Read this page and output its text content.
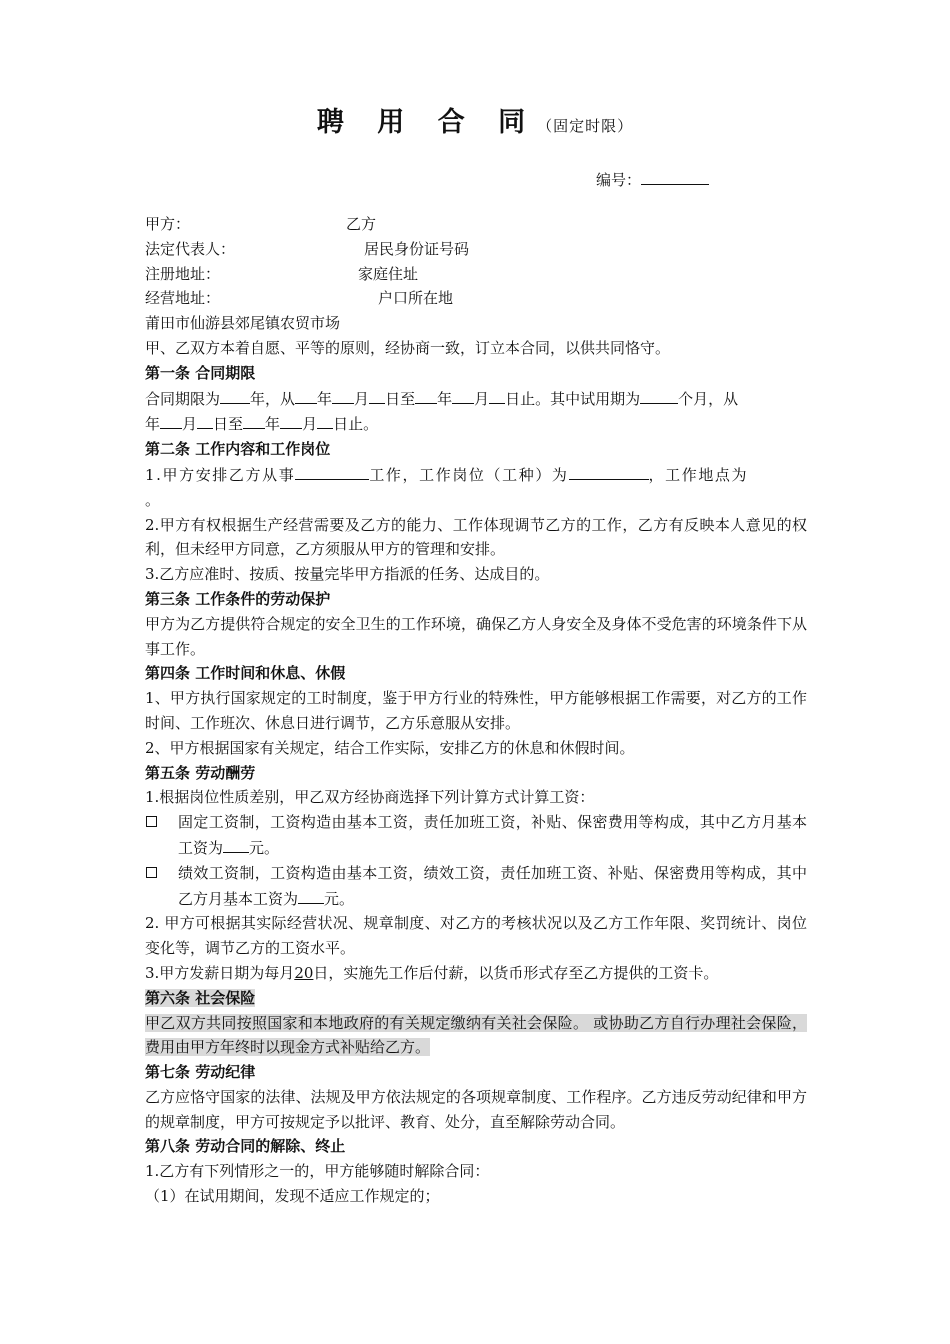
聘 用 合 同（固定时限）
编号：
甲方：	乙方
法定代表人：	居民身份证号码
注册地址：	家庭住址
经营地址：	户口所在地

莆田市仙游县郊尾镇农贸市场

甲、乙双方本着自愿、平等的原则，经协商一致，订立本合同，以供共同恪守。

第一条 合同期限

合同期限为 年，从 年 月 日至 年 月 日止。其中试用期为	个月，从
年 月 日至 年 月 日止。

第二条 工作内容和工作岗位

1.甲方安排乙方从事	工作，工作岗位（工种）为	，工作地点为
。

2.甲方有权根据生产经营需要及乙方的能力、工作体现调节乙方的工作，乙方有反映本人意见的权利，但未经甲方同意，乙方须服从甲方的管理和安排。

3.乙方应准时、按质、按量完毕甲方指派的任务、达成目的。

第三条 工作条件的劳动保护

甲方为乙方提供符合规定的安全卫生的工作环境，确保乙方人身安全及身体不受危害的环境条件下从事工作。

第四条 工作时间和休息、休假

1、甲方执行国家规定的工时制度，鉴于甲方行业的特殊性，甲方能够根据工作需要，对乙方的工作时间、工作班次、休息日进行调节，乙方乐意服从安排。

2、甲方根据国家有关规定，结合工作实际，安排乙方的休息和休假时间。

第五条 劳动酬劳

1.根据岗位性质差别，甲乙双方经协商选择下列计算方式计算工资：

固定工资制，工资构造由基本工资，责任加班工资，补贴、保密费用等构成，其中乙方月基本工资为 元。
绩效工资制，工资构造由基本工资，绩效工资，责任加班工资、补贴、保密费用等构成，其中乙方月基本工资为 元。

2. 甲方可根据其实际经营状况、规章制度、对乙方的考核状况以及乙方工作年限、奖罚统计、岗位变化等，调节乙方的工资水平。

3.甲方发薪日期为每月20日，实施先工作后付薪，以货币形式存至乙方提供的工资卡。

第六条 社会保险

甲乙双方共同按照国家和本地政府的有关规定缴纳有关社会保险。 或协助乙方自行办理社会保险，费用由甲方年终时以现金方式补贴给乙方。

第七条 劳动纪律

乙方应恪守国家的法律、法规及甲方依法规定的各项规章制度、工作程序。乙方违反劳动纪律和甲方的规章制度，甲方可按规定予以批评、教育、处分，直至解除劳动合同。

第八条 劳动合同的解除、终止

1.乙方有下列情形之一的，甲方能够随时解除合同：

（1）在试用期间，发现不适应工作规定的；
